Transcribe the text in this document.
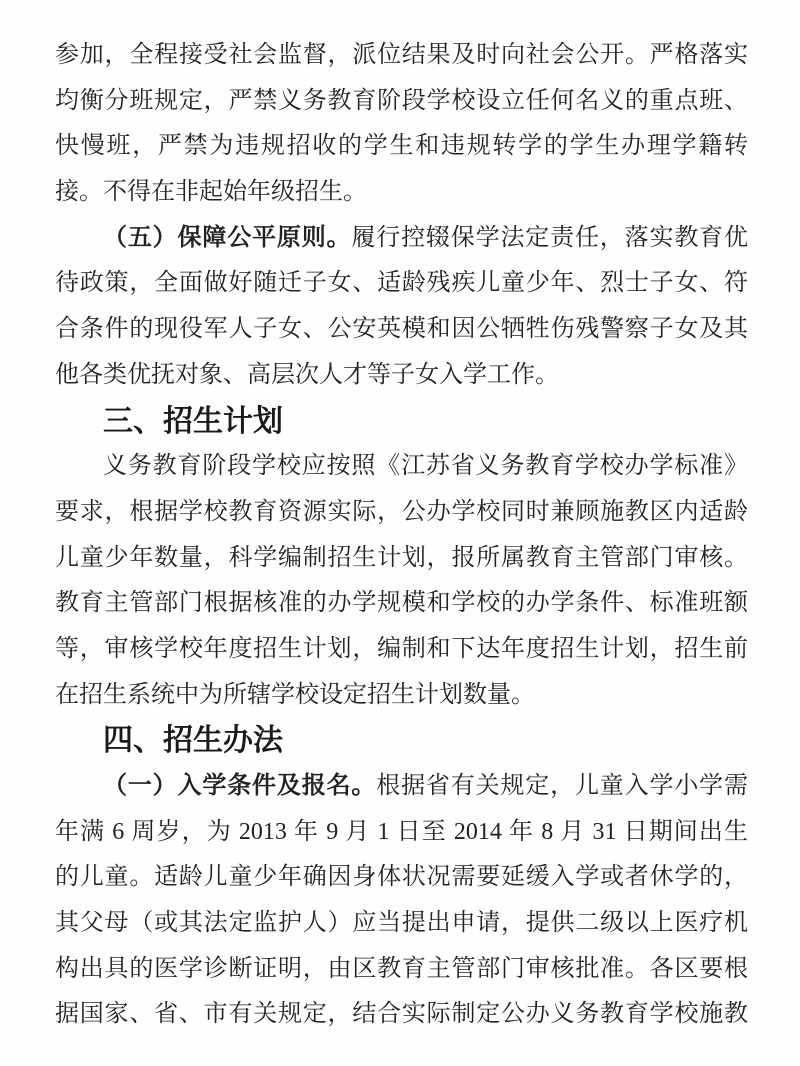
参加，全程接受社会监督，派位结果及时向社会公开。严格落实
均衡分班规定，严禁义务教育阶段学校设立任何名义的重点班、
快慢班，严禁为违规招收的学生和违规转学的学生办理学籍转
接。不得在非起始年级招生。
（五）保障公平原则。履行控辍保学法定责任，落实教育优
待政策，全面做好随迁子女、适龄残疾儿童少年、烈士子女、符
合条件的现役军人子女、公安英模和因公牺牲伤残警察子女及其
他各类优抚对象、高层次人才等子女入学工作。
三、招生计划
义务教育阶段学校应按照《江苏省义务教育学校办学标准》
要求，根据学校教育资源实际，公办学校同时兼顾施教区内适龄
儿童少年数量，科学编制招生计划，报所属教育主管部门审核。
教育主管部门根据核准的办学规模和学校的办学条件、标准班额
等，审核学校年度招生计划，编制和下达年度招生计划，招生前
在招生系统中为所辖学校设定招生计划数量。
四、招生办法
（一）入学条件及报名。根据省有关规定，儿童入学小学需
年满 6 周岁，为 2013 年 9 月 1 日至 2014 年 8 月 31 日期间出生
的儿童。适龄儿童少年确因身体状况需要延缓入学或者休学的，
其父母（或其法定监护人）应当提出申请，提供二级以上医疗机
构出具的医学诊断证明，由区教育主管部门审核批准。各区要根
据国家、省、市有关规定，结合实际制定公办义务教育学校施教
